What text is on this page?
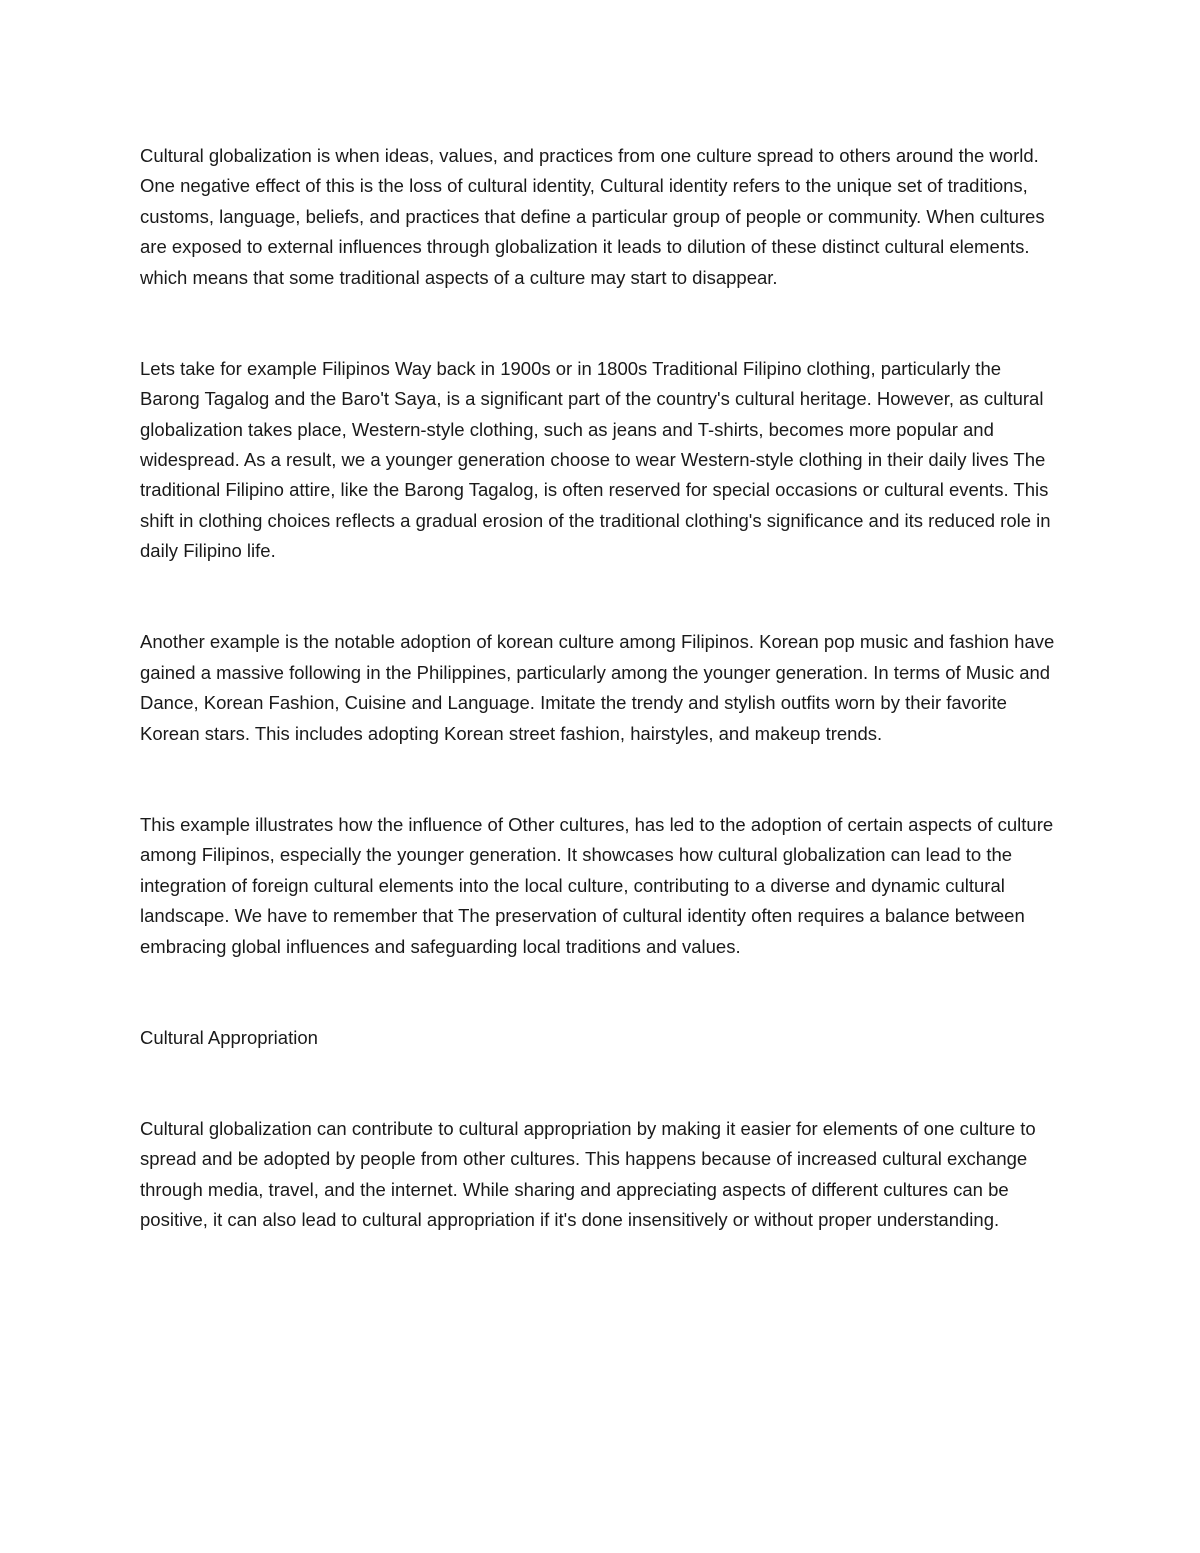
Cultural globalization is when ideas, values, and practices from one culture spread to others around the world. One negative effect of this is the loss of cultural identity, Cultural identity refers to the unique set of traditions, customs, language, beliefs, and practices that define a particular group of people or community. When cultures are exposed to external influences through globalization it leads to dilution of these distinct cultural elements. which means that some traditional aspects of a culture may start to disappear.

Lets take for example Filipinos Way back in 1900s or in 1800s Traditional Filipino clothing, particularly the Barong Tagalog and the Baro't Saya, is a significant part of the country's cultural heritage. However, as cultural globalization takes place, Western-style clothing, such as jeans and T-shirts, becomes more popular and widespread. As a result, we a younger generation choose to wear Western-style clothing in their daily lives The traditional Filipino attire, like the Barong Tagalog, is often reserved for special occasions or cultural events. This shift in clothing choices reflects a gradual erosion of the traditional clothing's significance and its reduced role in daily Filipino life.

Another example is the notable adoption of korean culture among Filipinos. Korean pop music and fashion have gained a massive following in the Philippines, particularly among the younger generation. In terms of Music and Dance, Korean Fashion, Cuisine and Language. Imitate the trendy and stylish outfits worn by their favorite Korean stars. This includes adopting Korean street fashion, hairstyles, and makeup trends.

This example illustrates how the influence of Other cultures, has led to the adoption of certain aspects of culture among Filipinos, especially the younger generation. It showcases how cultural globalization can lead to the integration of foreign cultural elements into the local culture, contributing to a diverse and dynamic cultural landscape. We have to remember that The preservation of cultural identity often requires a balance between embracing global influences and safeguarding local traditions and values.

Cultural Appropriation

Cultural globalization can contribute to cultural appropriation by making it easier for elements of one culture to spread and be adopted by people from other cultures. This happens because of increased cultural exchange through media, travel, and the internet. While sharing and appreciating aspects of different cultures can be positive, it can also lead to cultural appropriation if it's done insensitively or without proper understanding.
